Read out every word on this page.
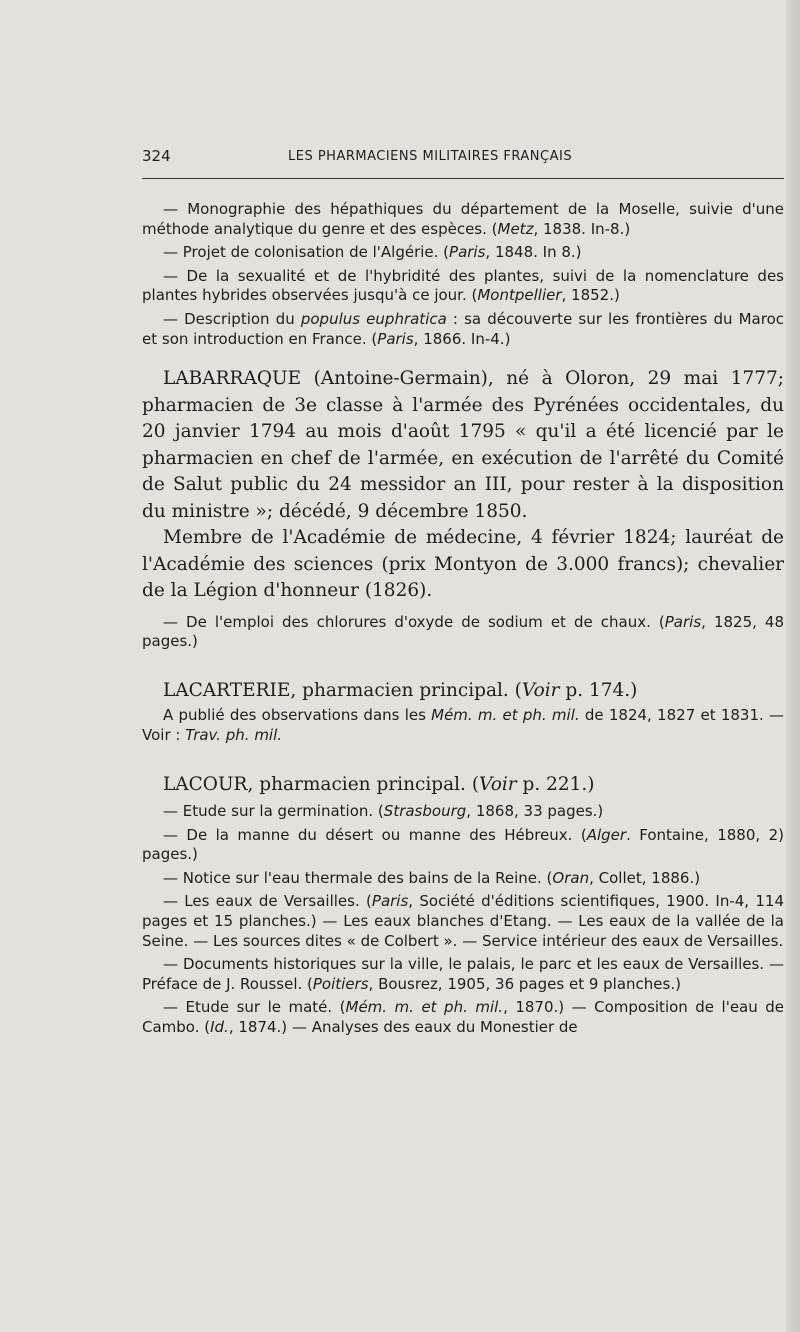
324	LES PHARMACIENS MILITAIRES FRANÇAIS

— Monographie des hépathiques du département de la Moselle, suivie d'une méthode analytique du genre et des espèces. (Metz, 1838. In-8.)

— Projet de colonisation de l'Algérie. (Paris, 1848. In 8.)

— De la sexualité et de l'hybridité des plantes, suivi de la nomenclature des plantes hybrides observées jusqu'à ce jour. (Montpellier, 1852.)

— Description du populus euphratica : sa découverte sur les frontières du Maroc et son introduction en France. (Paris, 1866. In-4.)

LABARRAQUE (Antoine-Germain), né à Oloron, 29 mai 1777; pharmacien de 3e classe à l'armée des Pyrénées occidentales, du 20 janvier 1794 au mois d'août 1795 « qu'il a été licencié par le pharmacien en chef de l'armée, en exécution de l'arrêté du Comité de Salut public du 24 messidor an III, pour rester à la disposition du ministre »; décédé, 9 décembre 1850.

Membre de l'Académie de médecine, 4 février 1824; lauréat de l'Académie des sciences (prix Montyon de 3.000 francs); chevalier de la Légion d'honneur (1826).

— De l'emploi des chlorures d'oxyde de sodium et de chaux. (Paris, 1825, 48 pages.)

LACARTERIE, pharmacien principal. (Voir p. 174.)

A publié des observations dans les Mém. m. et ph. mil. de 1824, 1827 et 1831. — Voir : Trav. ph. mil.

LACOUR, pharmacien principal. (Voir p. 221.)

— Etude sur la germination. (Strasbourg, 1868, 33 pages.)

— De la manne du désert ou manne des Hébreux. (Alger. Fontaine, 1880, 2) pages.)

— Notice sur l'eau thermale des bains de la Reine. (Oran, Collet, 1886.)

— Les eaux de Versailles. (Paris, Société d'éditions scientifiques, 1900. In-4, 114 pages et 15 planches.) — Les eaux blanches d'Etang. — Les eaux de la vallée de la Seine. — Les sources dites « de Colbert ». — Service intérieur des eaux de Versailles.

— Documents historiques sur la ville, le palais, le parc et les eaux de Versailles. — Préface de J. Roussel. (Poitiers, Bousrez, 1905, 36 pages et 9 planches.)

— Etude sur le maté. (Mém. m. et ph. mil., 1870.) — Composition de l'eau de Cambo. (Id., 1874.) — Analyses des eaux du Monestier de
